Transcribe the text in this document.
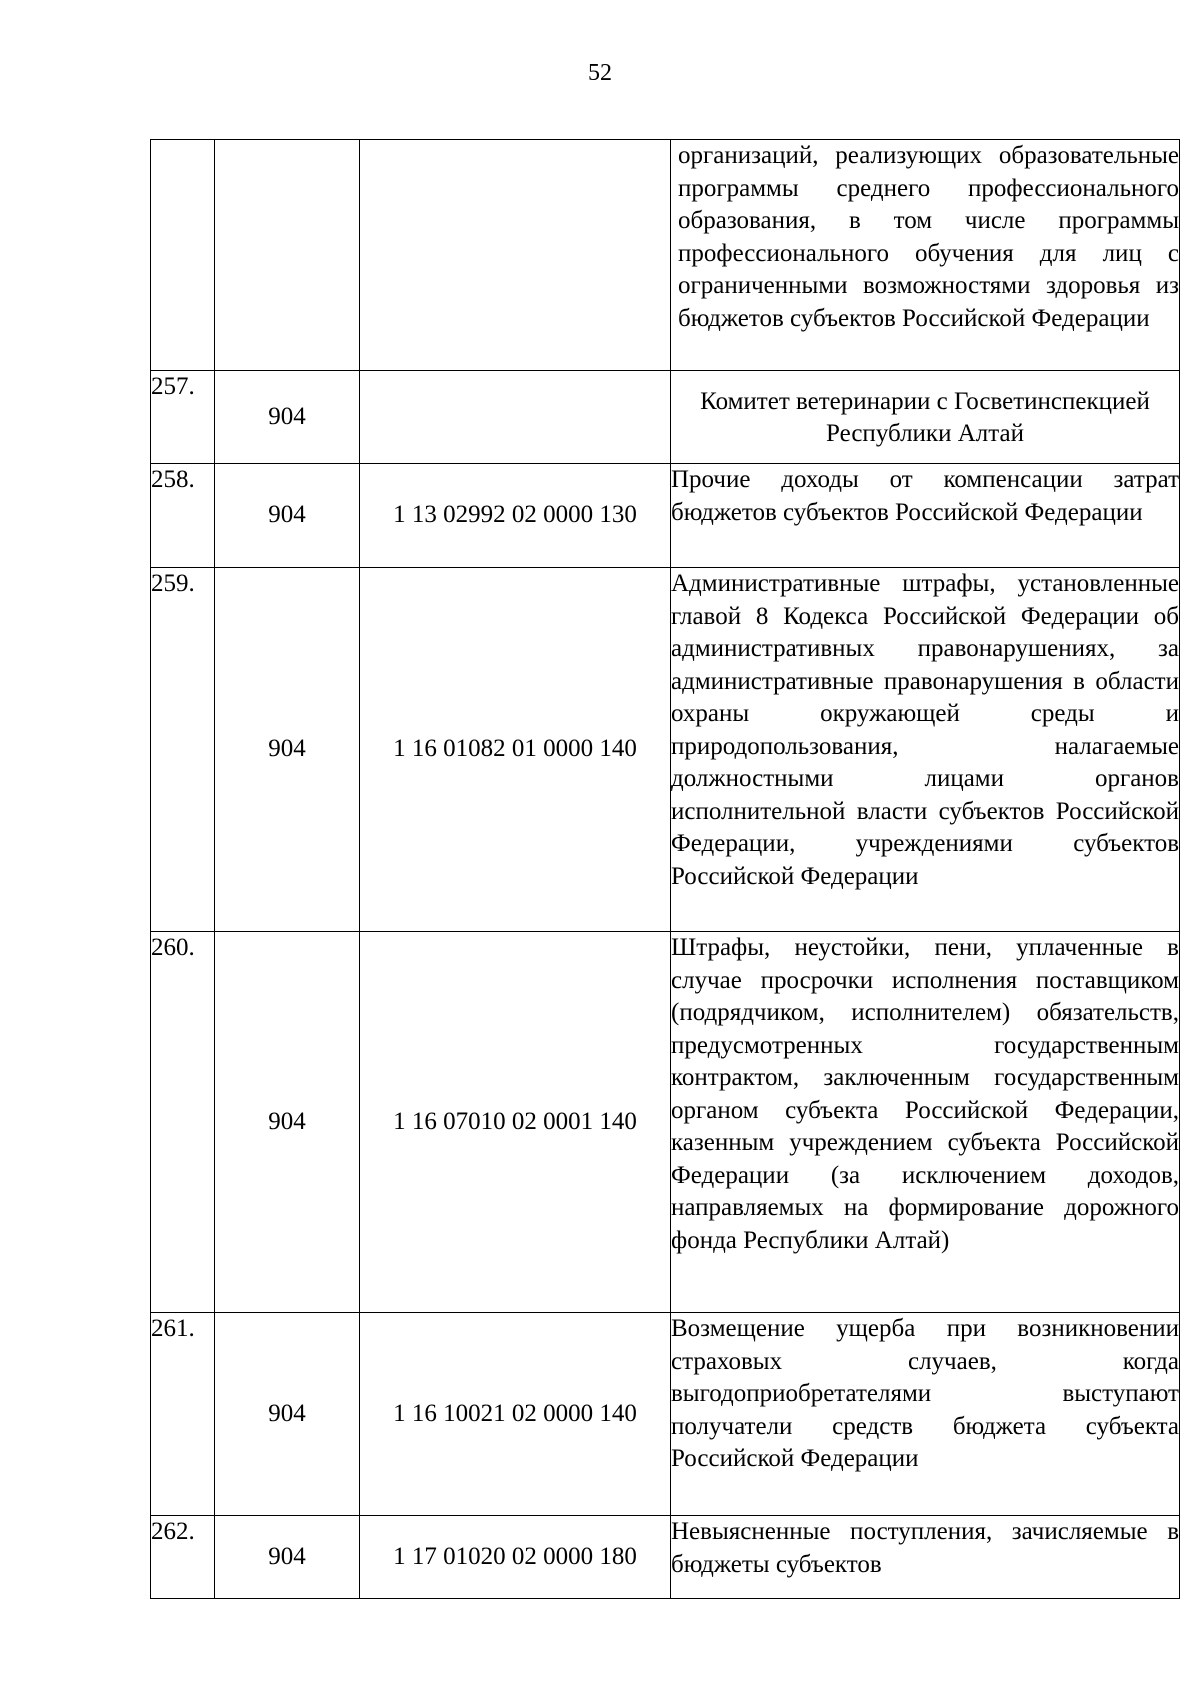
52
			организаций, реализующих образовательные программы среднего профессионального образования, в том числе программы профессионального обучения для лиц с ограниченными возможностями здоровья из бюджетов субъектов Российской Федерации
257.	904		Комитет ветеринарии с Госветинспекцией Республики Алтай
258.	904	1 13 02992 02 0000 130	Прочие доходы от компенсации затрат бюджетов субъектов Российской Федерации
259.	904	1 16 01082 01 0000 140	Административные штрафы, установленные главой 8 Кодекса Российской Федерации об административных правонарушениях, за административные правонарушения в области охраны окружающей среды и природопользования, налагаемые должностными лицами органов исполнительной власти субъектов Российской Федерации, учреждениями субъектов Российской Федерации
260.	904	1 16 07010 02 0001 140	Штрафы, неустойки, пени, уплаченные в случае просрочки исполнения поставщиком (подрядчиком, исполнителем) обязательств, предусмотренных государственным контрактом, заключенным государственным органом субъекта Российской Федерации, казенным учреждением субъекта Российской Федерации (за исключением доходов, направляемых на формирование дорожного фонда Республики Алтай)
261.	904	1 16 10021 02 0000 140	Возмещение ущерба при возникновении страховых случаев, когда выгодоприобретателями выступают получатели средств бюджета субъекта Российской Федерации
262.	904	1 17 01020 02 0000 180	Невыясненные поступления, зачисляемые в бюджеты субъектов
